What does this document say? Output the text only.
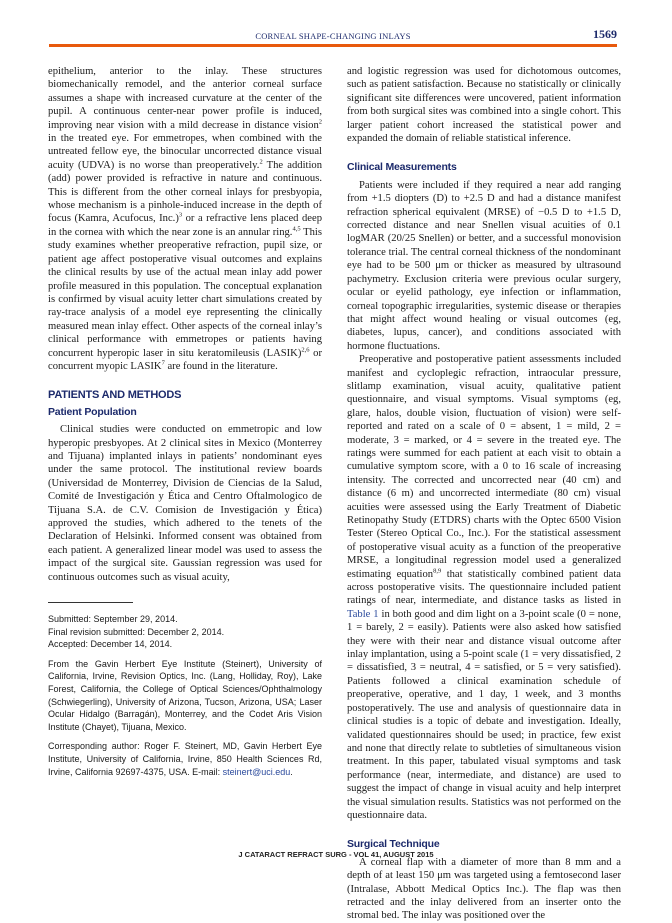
CORNEAL SHAPE-CHANGING INLAYS	1569

epithelium, anterior to the inlay. These structures biomechanically remodel, and the anterior corneal surface assumes a shape with increased curvature at the center of the pupil. A continuous center-near power profile is induced, improving near vision with a mild decrease in distance vision$^2$ in the treated eye. For emmetropes, when combined with the untreated fellow eye, the binocular uncorrected distance visual acuity (UDVA) is no worse than preoperatively.$^2$ The addition (add) power provided is refractive in nature and continuous. This is different from the other corneal inlays for presbyopia, whose mechanism is a pinhole-induced increase in the depth of focus (Kamra, Acufocus, Inc.)$^3$ or a refractive lens placed deep in the cornea with which the near zone is an annular ring.$^{4,5}$ This study examines whether preoperative refraction, pupil size, or patient age affect postoperative visual outcomes and explains the clinical results by use of the actual mean inlay add power profile measured in this population. The conceptual explanation is confirmed by visual acuity letter chart simulations created by ray-trace analysis of a model eye representing the clinically measured mean inlay effect. Other aspects of the corneal inlay’s clinical performance with emmetropes or patients having concurrent hyperopic laser in situ keratomileusis (LASIK)$^{2,6}$ or concurrent myopic LASIK$^7$ are found in the literature.

PATIENTS AND METHODS
Patient Population

Clinical studies were conducted on emmetropic and low hyperopic presbyopes. At 2 clinical sites in Mexico (Monterrey and Tijuana) implanted inlays in patients’ nondominant eyes under the same protocol. The institutional review boards (Universidad de Monterrey, Division de Ciencias de la Salud, Comité de Investigación y Ética and Centro Oftalmologico de Tijuana S.A. de C.V. Comision de Investigación y Ética) approved the studies, which adhered to the tenets of the Declaration of Helsinki. Informed consent was obtained from each patient. A generalized linear model was used to assess the impact of the surgical site. Gaussian regression was used for continuous outcomes such as visual acuity,

Submitted: September 29, 2014.

Final revision submitted: December 2, 2014.

Accepted: December 14, 2014.

From the Gavin Herbert Eye Institute (Steinert), University of California, Irvine, Revision Optics, Inc. (Lang, Holliday, Roy), Lake Forest, California, the College of Optical Sciences/Ophthalmology (Schwiegerling), University of Arizona, Tucson, Arizona, USA; Laser Ocular Hidalgo (Barragán), Monterrey, and the Codet Aris Vision Institute (Chayet), Tijuana, Mexico.

Corresponding author: Roger F. Steinert, MD, Gavin Herbert Eye Institute, University of California, Irvine, 850 Health Sciences Rd, Irvine, California 92697-4375, USA. E-mail: steinert@uci.edu.

and logistic regression was used for dichotomous outcomes, such as patient satisfaction. Because no statistically or clinically significant site differences were uncovered, patient information from both surgical sites was combined into a single cohort. This larger patient cohort increased the statistical power and expanded the domain of reliable statistical inference.

Clinical Measurements

Patients were included if they required a near add ranging from +1.5 diopters (D) to +2.5 D and had a distance manifest refraction spherical equivalent (MRSE) of −0.5 D to +1.5 D, corrected distance and near Snellen visual acuities of 0.1 logMAR (20/25 Snellen) or better, and a successful monovision tolerance trial. The central corneal thickness of the nondominant eye had to be 500 μm or thicker as measured by ultrasound pachymetry. Exclusion criteria were previous ocular surgery, ocular or eyelid pathology, eye infection or inflammation, corneal topographic irregularities, systemic disease or therapies that might affect wound healing or visual outcomes (eg, diabetes, lupus, cancer), and conditions associated with hormone fluctuations.

Preoperative and postoperative patient assessments included manifest and cycloplegic refraction, intraocular pressure, slitlamp examination, visual acuity, qualitative patient questionnaire, and visual symptoms. Visual symptoms (eg, glare, halos, double vision, fluctuation of vision) were self-reported and rated on a scale of 0 = absent, 1 = mild, 2 = moderate, 3 = marked, or 4 = severe in the treated eye. The ratings were summed for each patient at each visit to obtain a cumulative symptom score, with a 0 to 16 scale of increasing intensity. The corrected and uncorrected near (40 cm) and distance (6 m) and uncorrected intermediate (80 cm) visual acuities were assessed using the Early Treatment of Diabetic Retinopathy Study (ETDRS) charts with the Optec 6500 Vision Tester (Stereo Optical Co., Inc.). For the statistical assessment of postoperative visual acuity as a function of the preoperative MRSE, a longitudinal regression model used a generalized estimating equation$^{8,9}$ that statistically combined patient data across postoperative visits. The questionnaire included patient ratings of near, intermediate, and distance tasks as listed in Table 1 in both good and dim light on a 3-point scale (0 = none, 1 = barely, 2 = easily). Patients were also asked how satisfied they were with their near and distance visual outcome after inlay implantation, using a 5-point scale (1 = very dissatisfied, 2 = dissatisfied, 3 = neutral, 4 = satisfied, or 5 = very satisfied). Patients followed a clinical examination schedule of preoperative, operative, and 1 day, 1 week, and 3 months postoperatively. The use and analysis of questionnaire data in clinical studies is a topic of debate and investigation. Ideally, validated questionnaires should be used; in practice, few exist and none that directly relate to subtleties of simultaneous vision treatment. In this paper, tabulated visual symptoms and task performance (near, intermediate, and distance) are used to suggest the impact of change in visual acuity and help interpret the visual simulation results. Statistics was not performed on the questionnaire data.

Surgical Technique

A corneal flap with a diameter of more than 8 mm and a depth of at least 150 μm was targeted using a femtosecond laser (Intralase, Abbott Medical Optics Inc.). The flap was then retracted and the inlay delivered from an inserter onto the stromal bed. The inlay was positioned over the

J CATARACT REFRACT SURG - VOL 41, AUGUST 2015
